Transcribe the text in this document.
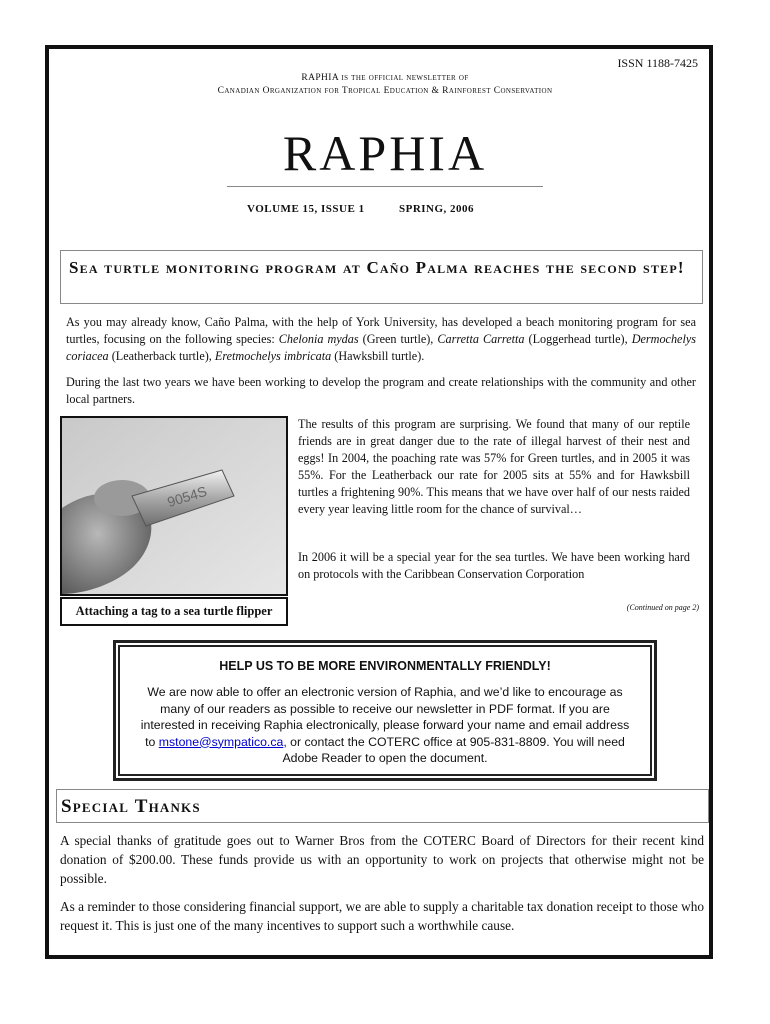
ISSN 1188-7425
RAPHIA is the official newsletter of
Canadian Organization for Tropical Education & Rainforest Conservation
RAPHIA
VOLUME 15, ISSUE 1	SPRING, 2006
Sea turtle monitoring program at Caño Palma reaches the second step!
As you may already know, Caño Palma, with the help of York University, has developed a beach monitoring program for sea turtles, focusing on the following species: Chelonia mydas (Green turtle), Carretta Carretta (Loggerhead turtle), Dermochelys coriacea (Leatherback turtle), Eretmochelys imbricata (Hawksbill turtle).
During the last two years we have been working to develop the program and create relationships with the community and other local partners.
9054S
Attaching a tag to a sea turtle flipper
The results of this program are surprising. We found that many of our reptile friends are in great danger due to the rate of illegal harvest of their nest and eggs! In 2004, the poaching rate was 57% for Green turtles, and in 2005 it was 55%. For the Leatherback our rate for 2005 sits at 55% and for Hawksbill turtles a frightening 90%. This means that we have over half of our nests raided every year leaving little room for the chance of survival…
In 2006 it will be a special year for the sea turtles. We have been working hard on protocols with the Caribbean Conservation Corporation
(Continued on page 2)
HELP US TO BE MORE ENVIRONMENTALLY FRIENDLY!
We are now able to offer an electronic version of Raphia, and we’d like to encourage as many of our readers as possible to receive our newsletter in PDF format. If you are interested in receiving Raphia electronically, please forward your name and email address to mstone@sympatico.ca, or contact the COTERC office at 905-831-8809. You will need Adobe Reader to open the document.
Special Thanks
A special thanks of gratitude goes out to Warner Bros from the COTERC Board of Directors for their recent kind donation of $200.00. These funds provide us with an opportunity to work on projects that otherwise might not be possible.
As a reminder to those considering financial support, we are able to supply a charitable tax donation receipt to those who request it. This is just one of the many incentives to support such a worthwhile cause.
